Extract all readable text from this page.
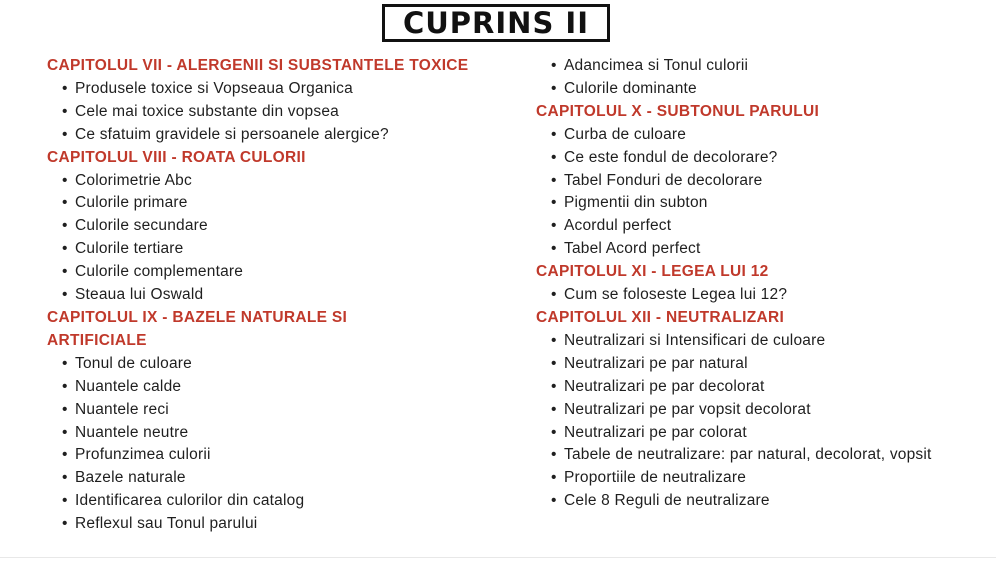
CUPRINS II
CAPITOLUL VII - ALERGENII SI SUBSTANTELE TOXICE
• Produsele toxice si Vopseaua Organica
• Cele mai toxice substante din vopsea
• Ce sfatuim gravidele si persoanele alergice?
CAPITOLUL VIII - ROATA CULORII
• Colorimetrie Abc
• Culorile primare
• Culorile secundare
• Culorile tertiare
• Culorile complementare
• Steaua lui Oswald
CAPITOLUL IX - BAZELE NATURALE SI
ARTIFICIALE
• Tonul de culoare
• Nuantele calde
• Nuantele reci
• Nuantele neutre
• Profunzimea culorii
• Bazele naturale
• Identificarea culorilor din catalog
• Reflexul sau Tonul parului
• Adancimea si Tonul culorii
• Culorile dominante
CAPITOLUL X - SUBTONUL PARULUI
• Curba de culoare
• Ce este fondul de decolorare?
• Tabel Fonduri de decolorare
• Pigmentii din subton
• Acordul perfect
• Tabel Acord perfect
CAPITOLUL XI - LEGEA LUI 12
• Cum se foloseste Legea lui 12?
CAPITOLUL XII - NEUTRALIZARI
• Neutralizari si Intensificari de culoare
• Neutralizari pe par natural
• Neutralizari pe par decolorat
• Neutralizari pe par vopsit decolorat
• Neutralizari pe par colorat
• Tabele de neutralizare: par natural, decolorat, vopsit
• Proportiile de neutralizare
• Cele 8 Reguli de neutralizare
